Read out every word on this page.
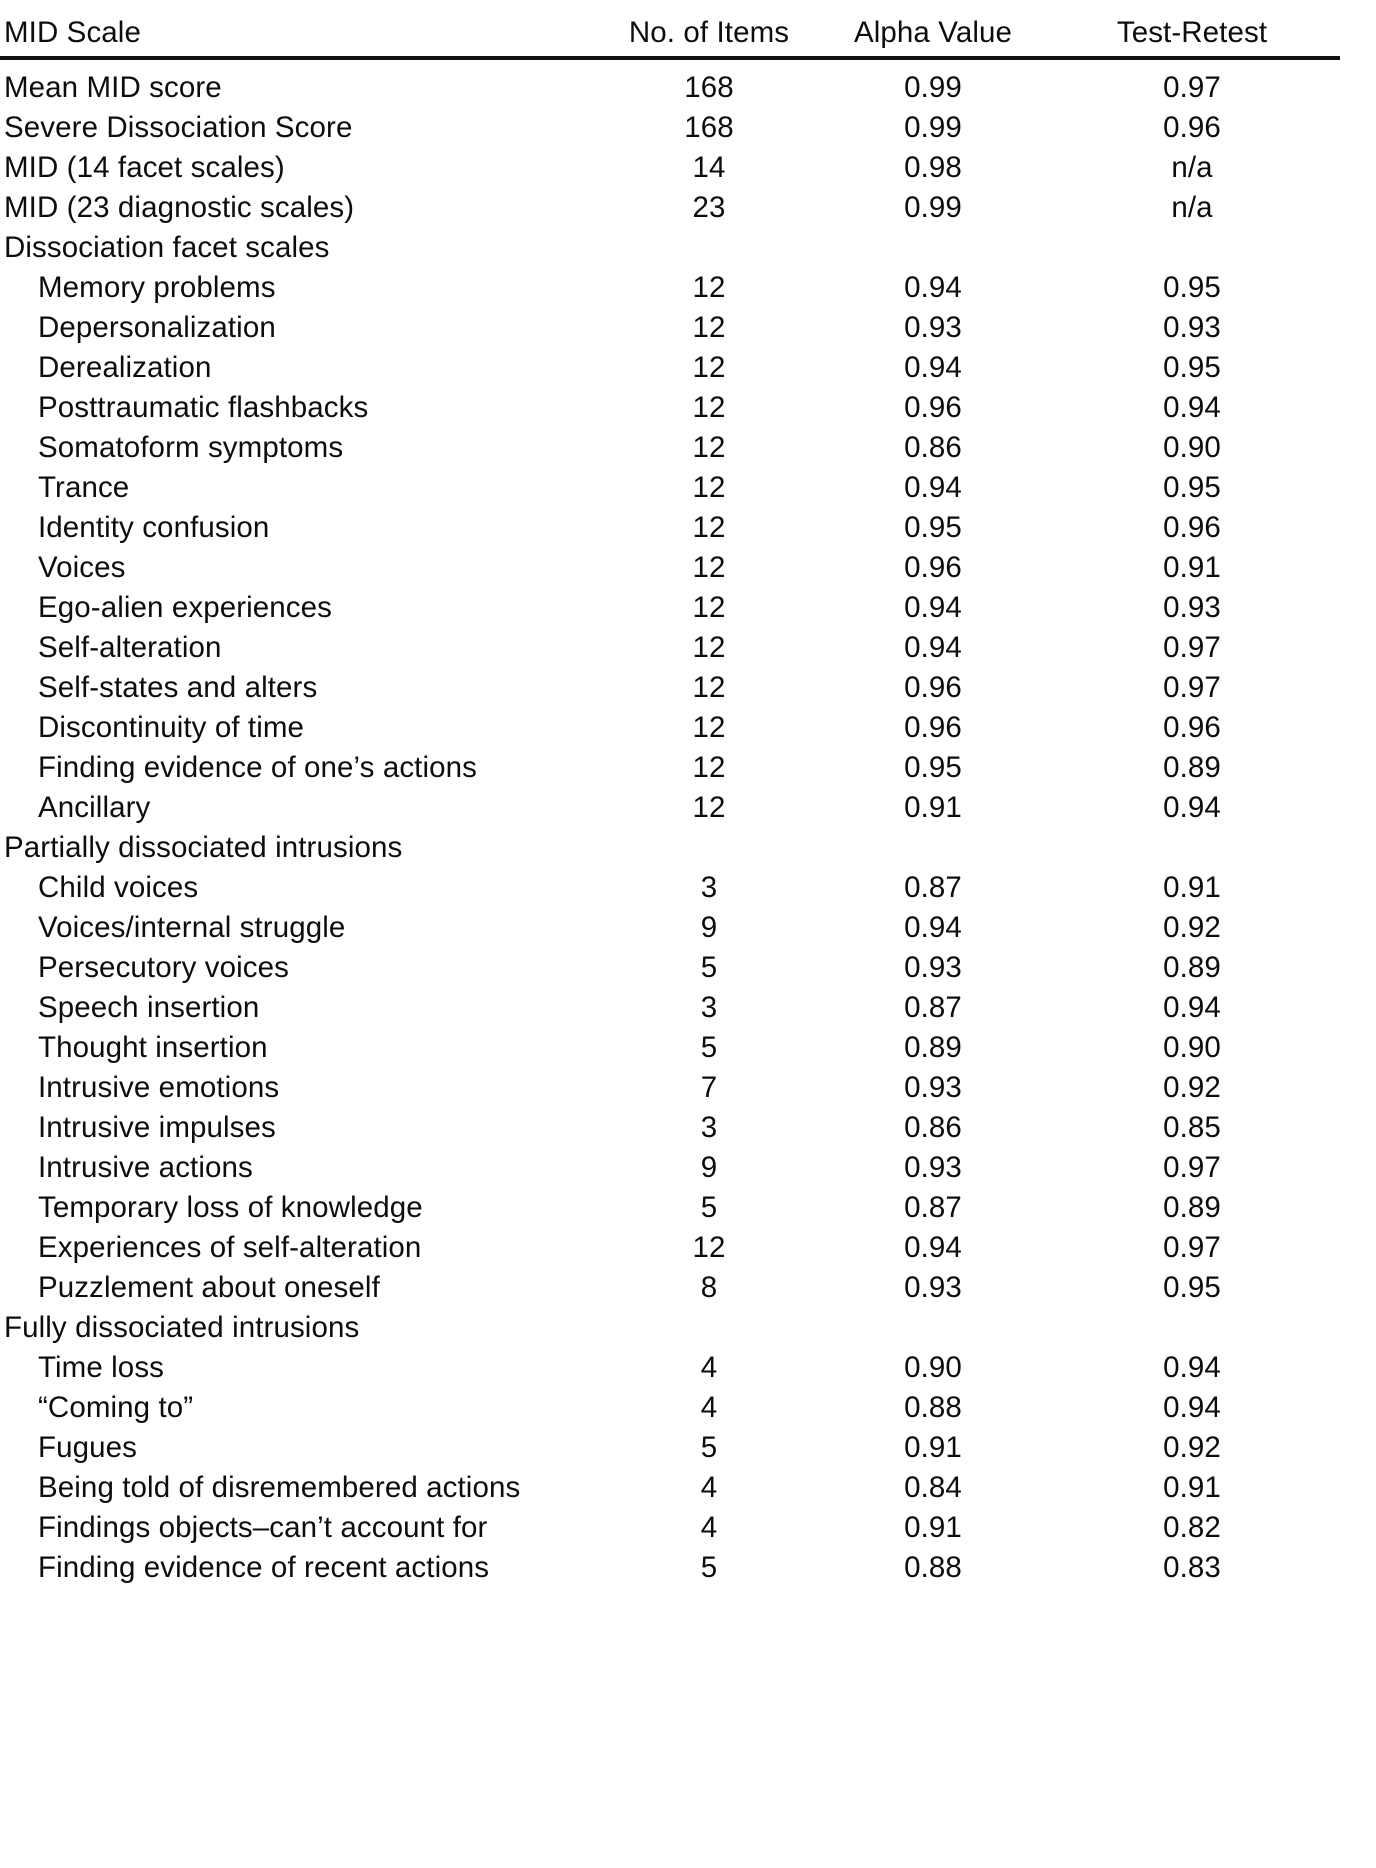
MID Scale	No. of Items	Alpha Value	Test-Retest
Mean MID score	168	0.99	0.97
Severe Dissociation Score	168	0.99	0.96
MID (14 facet scales)	14	0.98	n/a
MID (23 diagnostic scales)	23	0.99	n/a
Dissociation facet scales			
Memory problems	12	0.94	0.95
Depersonalization	12	0.93	0.93
Derealization	12	0.94	0.95
Posttraumatic flashbacks	12	0.96	0.94
Somatoform symptoms	12	0.86	0.90
Trance	12	0.94	0.95
Identity confusion	12	0.95	0.96
Voices	12	0.96	0.91
Ego-alien experiences	12	0.94	0.93
Self-alteration	12	0.94	0.97
Self-states and alters	12	0.96	0.97
Discontinuity of time	12	0.96	0.96
Finding evidence of one’s actions	12	0.95	0.89
Ancillary	12	0.91	0.94
Partially dissociated intrusions			
Child voices	3	0.87	0.91
Voices/internal struggle	9	0.94	0.92
Persecutory voices	5	0.93	0.89
Speech insertion	3	0.87	0.94
Thought insertion	5	0.89	0.90
Intrusive emotions	7	0.93	0.92
Intrusive impulses	3	0.86	0.85
Intrusive actions	9	0.93	0.97
Temporary loss of knowledge	5	0.87	0.89
Experiences of self-alteration	12	0.94	0.97
Puzzlement about oneself	8	0.93	0.95
Fully dissociated intrusions			
Time loss	4	0.90	0.94
“Coming to”	4	0.88	0.94
Fugues	5	0.91	0.92
Being told of disremembered actions	4	0.84	0.91
Findings objects–can’t account for	4	0.91	0.82
Finding evidence of recent actions	5	0.88	0.83
